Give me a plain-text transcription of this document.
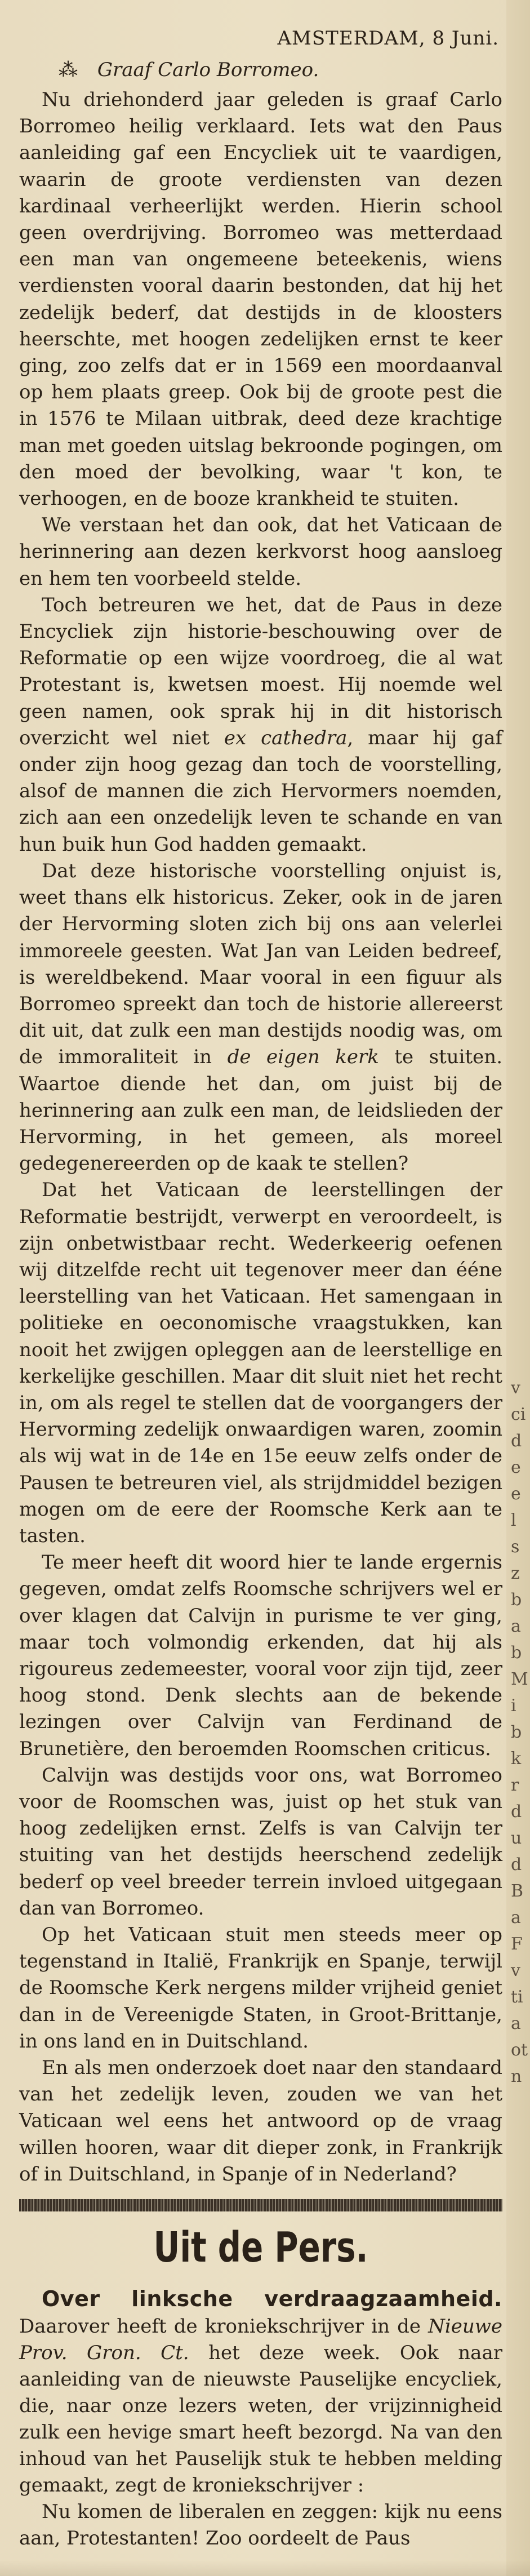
AMSTERDAM, 8 Juni.
⁂ Graaf Carlo Borromeo.

Nu driehonderd jaar geleden is graaf Carlo Borromeo heilig verklaard. Iets wat den Paus aanleiding gaf een Encycliek uit te vaardigen, waarin de groote verdiensten van dezen kardinaal verheerlijkt werden. Hierin school geen overdrijving. Borromeo was metterdaad een man van ongemeene beteekenis, wiens verdiensten vooral daarin bestonden, dat hij het zedelijk bederf, dat destijds in de kloosters heerschte, met hoogen zedelijken ernst te keer ging, zoo zelfs dat er in 1569 een moordaanval op hem plaats greep. Ook bij de groote pest die in 1576 te Milaan uitbrak, deed deze krachtige man met goeden uitslag bekroonde pogingen, om den moed der bevolking, waar 't kon, te verhoogen, en de booze krankheid te stuiten.

We verstaan het dan ook, dat het Vaticaan de herinnering aan dezen kerkvorst hoog aansloeg en hem ten voorbeeld stelde.

Toch betreuren we het, dat de Paus in deze Encycliek zijn historie-beschouwing over de Reformatie op een wijze voordroeg, die al wat Protestant is, kwetsen moest. Hij noemde wel geen namen, ook sprak hij in dit historisch overzicht wel niet ex cathedra, maar hij gaf onder zijn hoog gezag dan toch de voorstelling, alsof de mannen die zich Hervormers noemden, zich aan een onzedelijk leven te schande en van hun buik hun God hadden gemaakt.

Dat deze historische voorstelling onjuist is, weet thans elk historicus. Zeker, ook in de jaren der Hervorming sloten zich bij ons aan velerlei immoreele geesten. Wat Jan van Leiden bedreef, is wereldbekend. Maar vooral in een figuur als Borromeo spreekt dan toch de historie allereerst dit uit, dat zulk een man destijds noodig was, om de immoraliteit in de eigen kerk te stuiten. Waartoe diende het dan, om juist bij de herinnering aan zulk een man, de leidslieden der Hervorming, in het gemeen, als moreel gedegenereerden op de kaak te stellen?

Dat het Vaticaan de leerstellingen der Reformatie bestrijdt, verwerpt en veroordeelt, is zijn onbetwistbaar recht. Wederkeerig oefenen wij ditzelfde recht uit tegenover meer dan ééne leerstelling van het Vaticaan. Het samengaan in politieke en oeconomische vraagstukken, kan nooit het zwijgen opleggen aan de leerstellige en kerkelijke geschillen. Maar dit sluit niet het recht in, om als regel te stellen dat de voorgangers der Hervorming zedelijk onwaardigen waren, zoomin als wij wat in de 14e en 15e eeuw zelfs onder de Pausen te betreuren viel, als strijdmiddel bezigen mogen om de eere der Roomsche Kerk aan te tasten.

Te meer heeft dit woord hier te lande ergernis gegeven, omdat zelfs Roomsche schrijvers wel er over klagen dat Calvijn in purisme te ver ging, maar toch volmondig erkenden, dat hij als rigoureus zedemeester, vooral voor zijn tijd, zeer hoog stond. Denk slechts aan de bekende lezingen over Calvijn van Ferdinand de Brunetière, den beroemden Roomschen criticus.

Calvijn was destijds voor ons, wat Borromeo voor de Roomschen was, juist op het stuk van hoog zedelijken ernst. Zelfs is van Calvijn ter stuiting van het destijds heerschend zedelijk bederf op veel breeder terrein invloed uitgegaan dan van Borromeo.

Op het Vaticaan stuit men steeds meer op tegenstand in Italië, Frankrijk en Spanje, terwijl de Roomsche Kerk nergens milder vrijheid geniet dan in de Vereenigde Staten, in Groot-Brittanje, in ons land en in Duitschland.

En als men onderzoek doet naar den standaard van het zedelijk leven, zouden we van het Vaticaan wel eens het antwoord op de vraag willen hooren, waar dit dieper zonk, in Frankrijk of in Duitschland, in Spanje of in Nederland?

Uit de Pers.

Over linksche verdraagzaamheid. Daarover heeft de kroniekschrijver in de Nieuwe Prov. Gron. Ct. het deze week. Ook naar aanleiding van de nieuwste Pauselijke encycliek, die, naar onze lezers weten, der vrijzinnigheid zulk een hevige smart heeft bezorgd. Na van den inhoud van het Pauselijk stuk te hebben melding gemaakt, zegt de kroniekschrijver :

Nu komen de liberalen en zeggen: kijk nu eens aan, Protestanten! Zoo oordeelt de Paus

v
ci
d
e
e
l
s
z
b
a
b
M
i
b
k
r
d
u
d
B
a
F
v
ti
a
ot
n
